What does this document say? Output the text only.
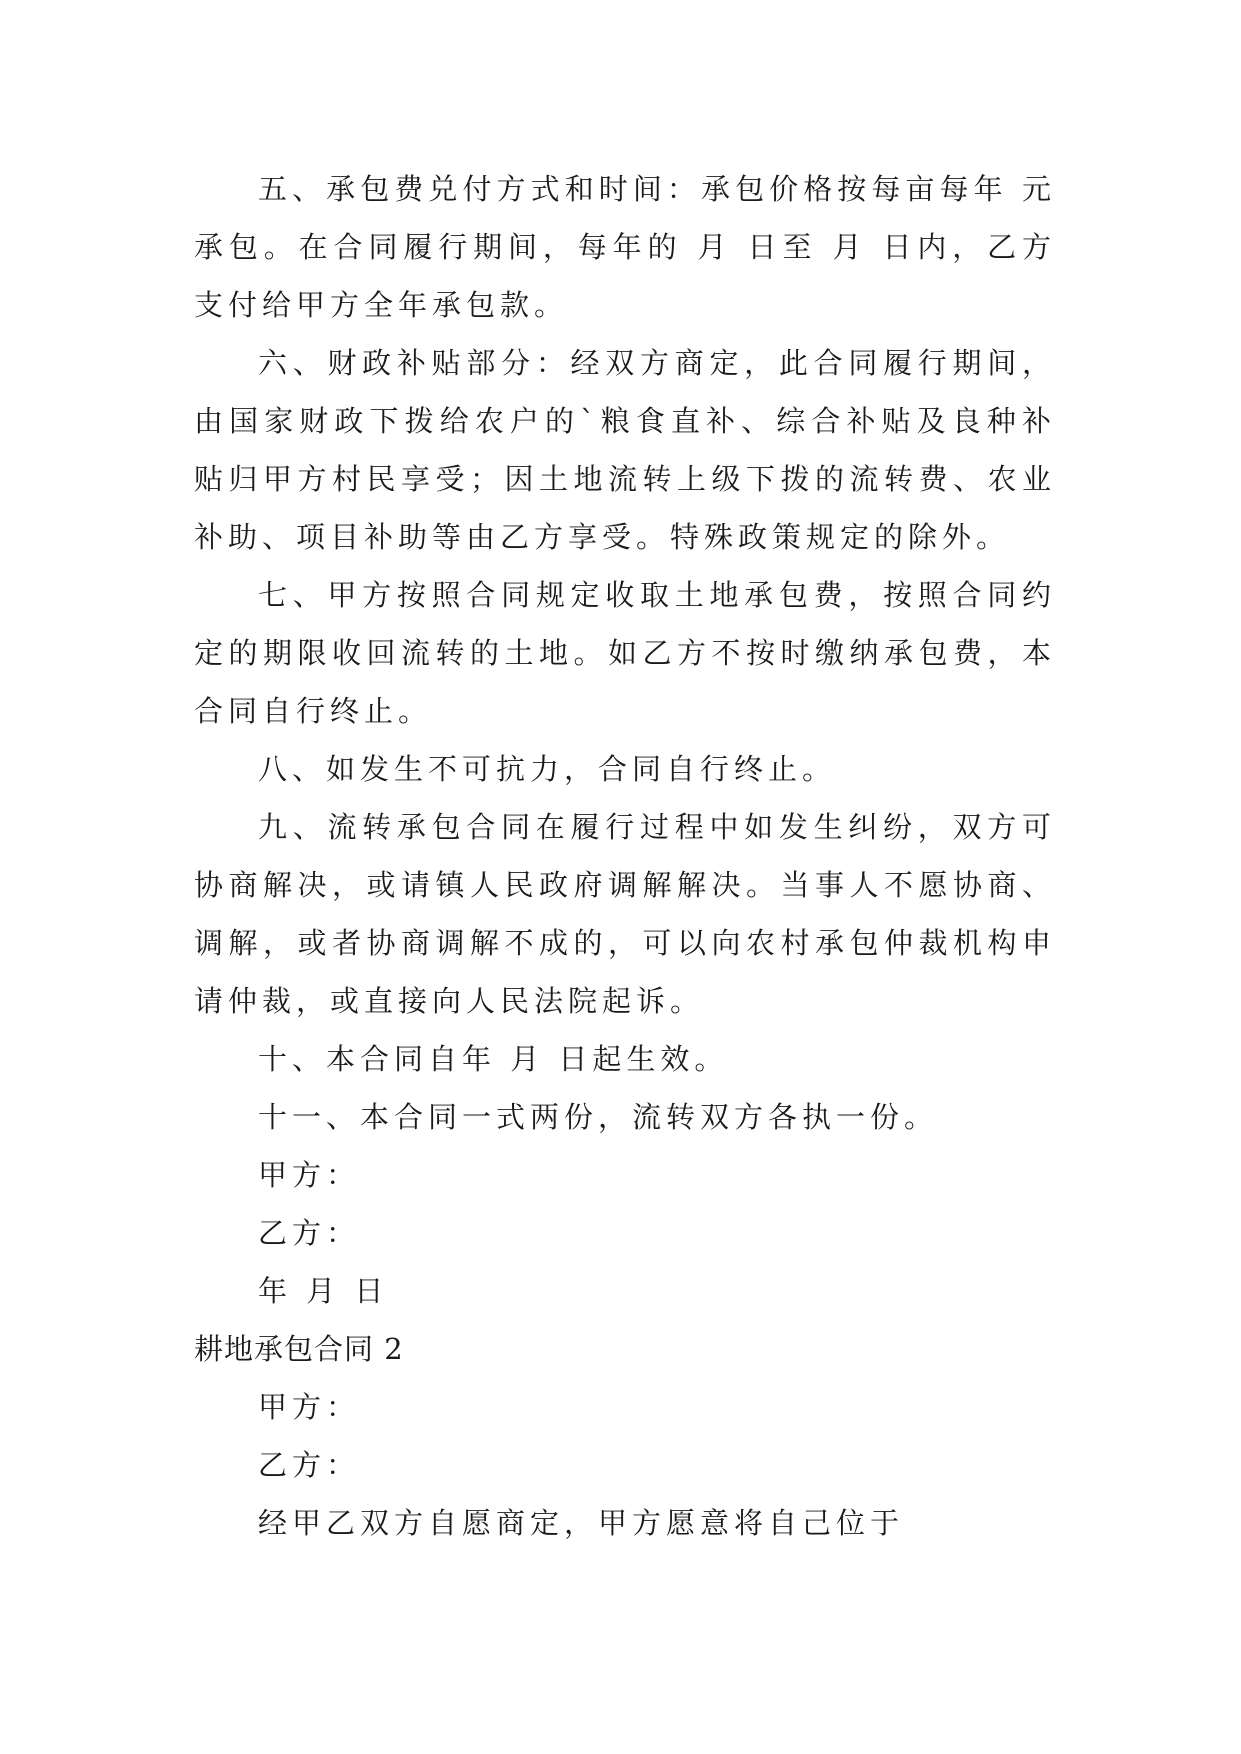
五、承包费兑付方式和时间：承包价格按每亩每年 元承包。在合同履行期间，每年的 月 日至 月 日内，乙方支付给甲方全年承包款。

六、财政补贴部分：经双方商定，此合同履行期间，由国家财政下拨给农户的`粮食直补、综合补贴及良种补贴归甲方村民享受；因土地流转上级下拨的流转费、农业补助、项目补助等由乙方享受。特殊政策规定的除外。

七、甲方按照合同规定收取土地承包费，按照合同约定的期限收回流转的土地。如乙方不按时缴纳承包费，本合同自行终止。

八、如发生不可抗力，合同自行终止。

九、流转承包合同在履行过程中如发生纠纷，双方可协商解决，或请镇人民政府调解解决。当事人不愿协商、调解，或者协商调解不成的，可以向农村承包仲裁机构申请仲裁，或直接向人民法院起诉。

十、本合同自年 月 日起生效。

十一、本合同一式两份，流转双方各执一份。

甲方：

乙方：

年 月 日

耕地承包合同 2

甲方：

乙方：

经甲乙双方自愿商定，甲方愿意将自己位于
